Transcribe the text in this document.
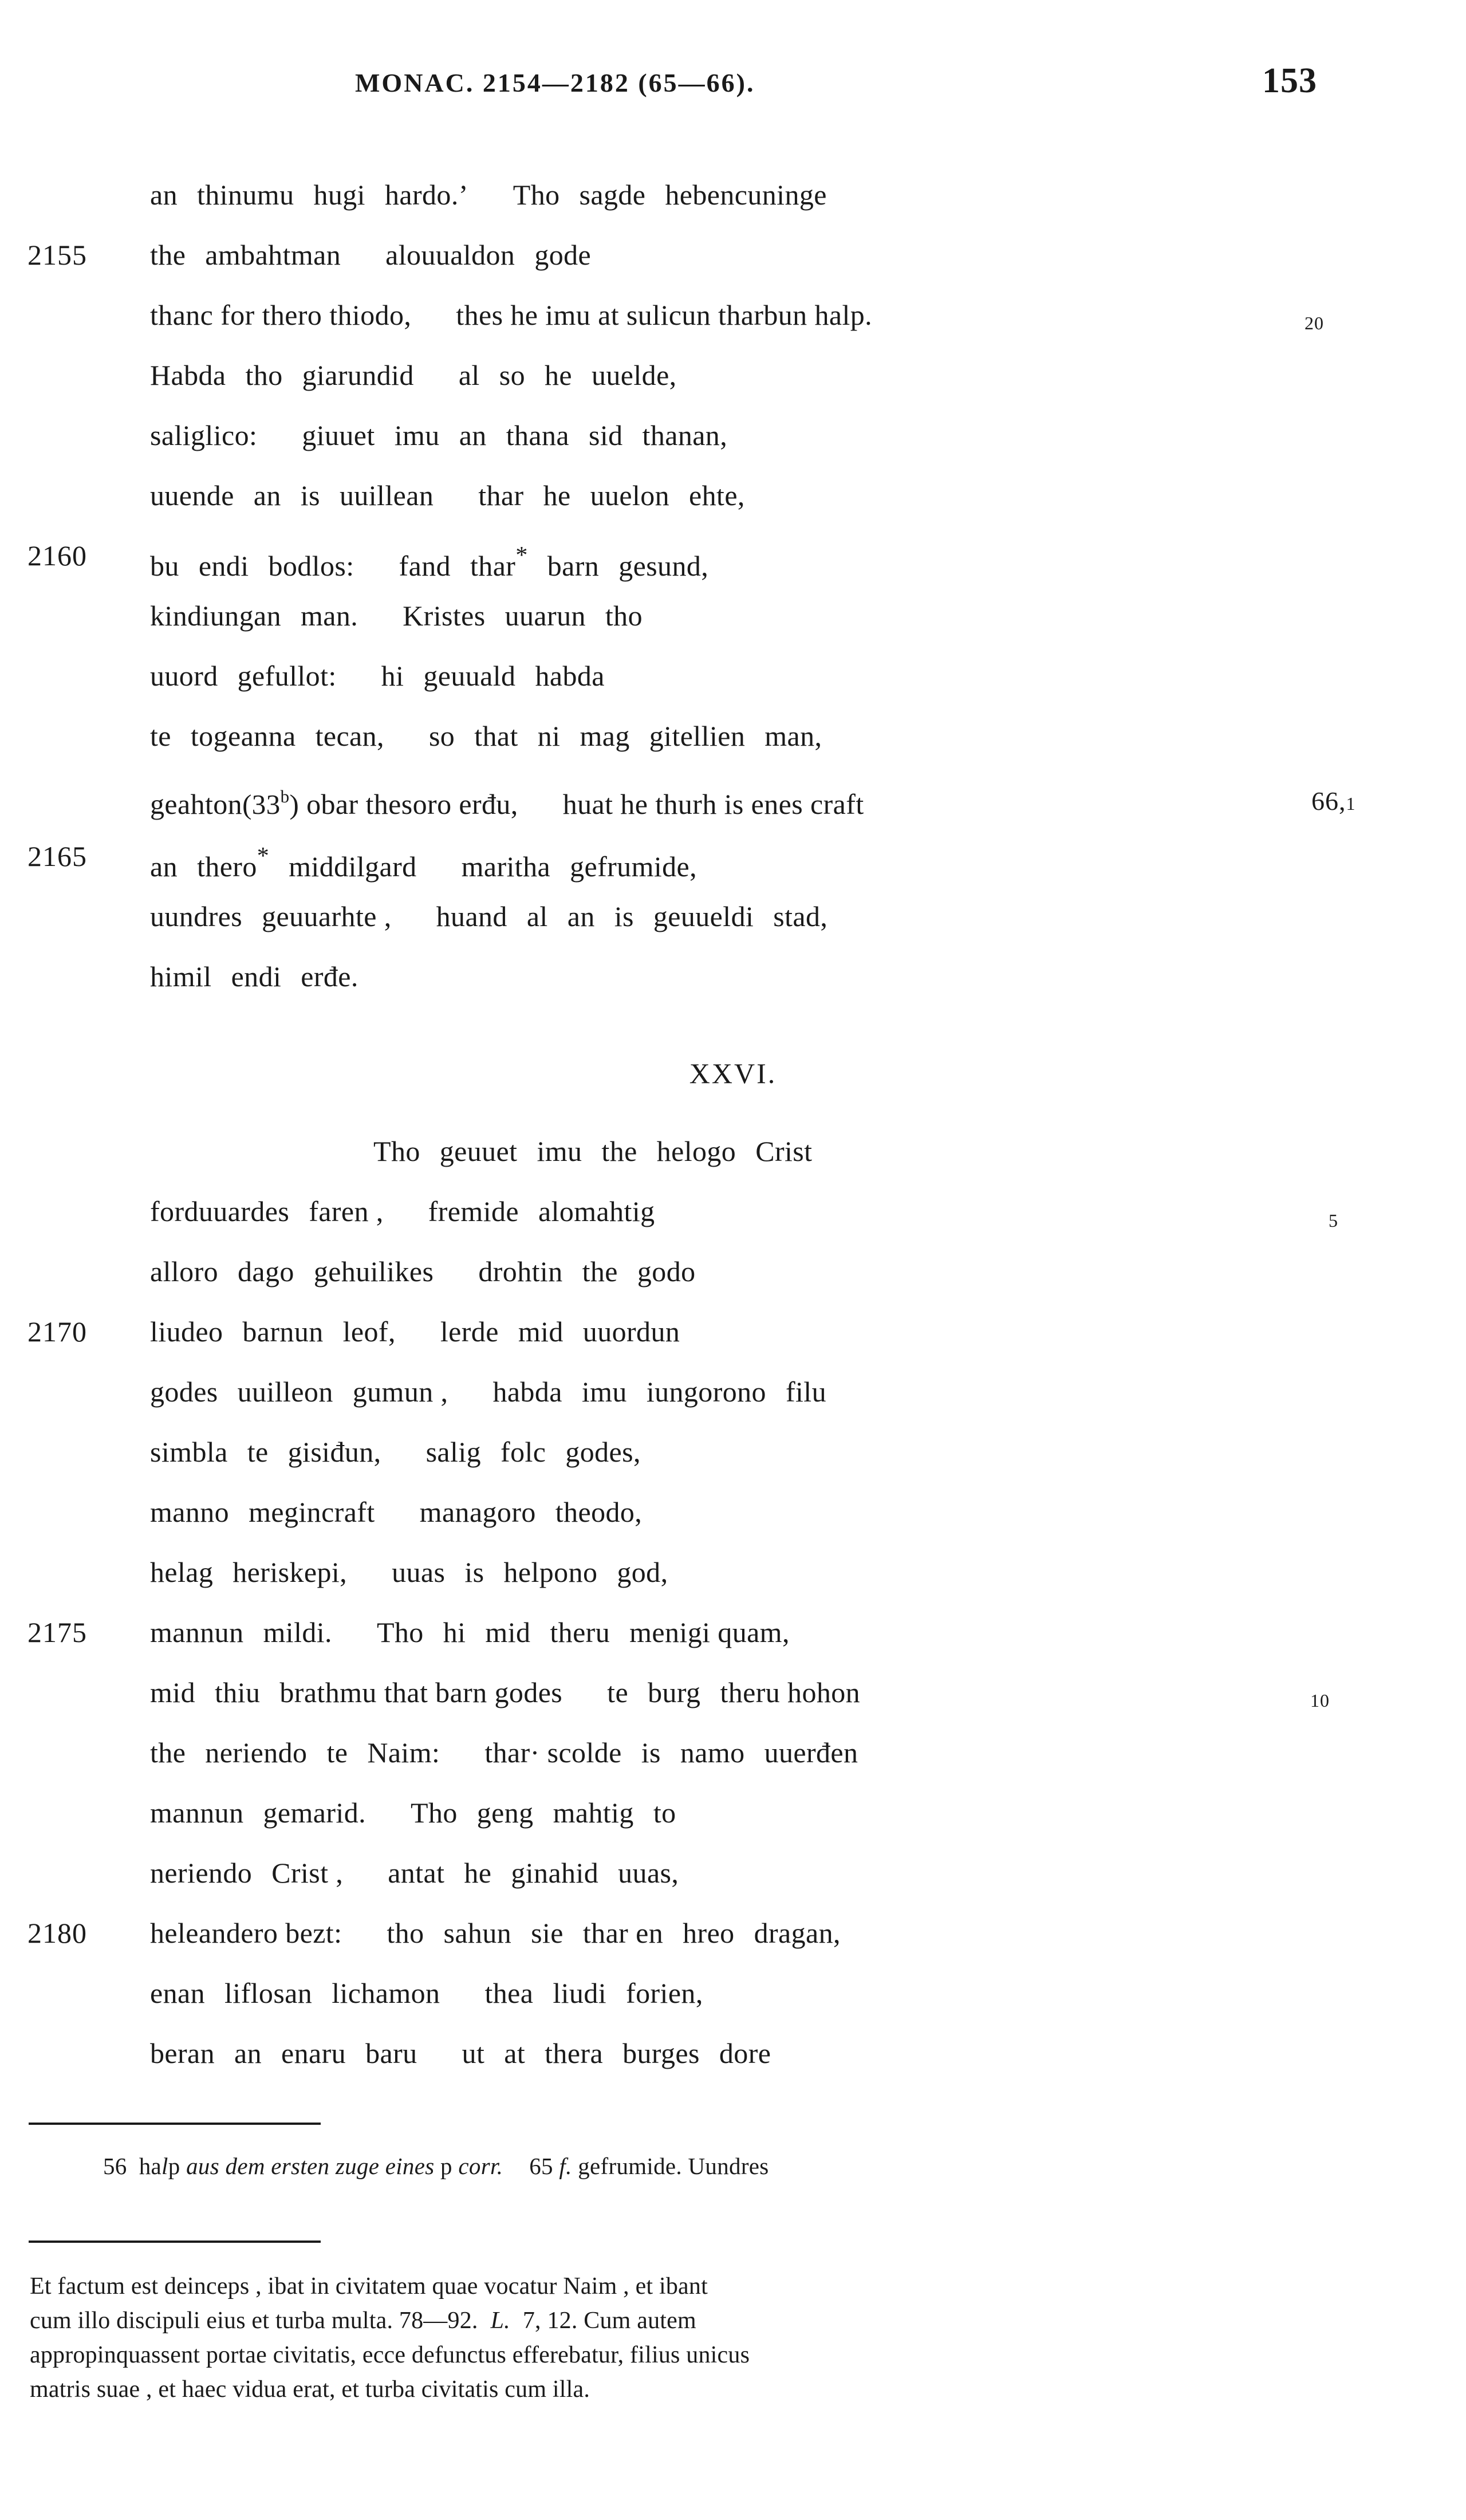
MONAC. 2154—2182 (65—66).	153
an thinumu hugi hardo.’ Tho sagde hebencuninge
2155	the ambahtman alouualdon gode
thanc for thero thiodo, thes he imu at sulicun tharbun halp.	20
Habda tho giarundid al so he uuelde,
saliglico: giuuet imu an thana sid thanan,
uuende an is uuillean thar he uuelon ehte,
2160	bu endi bodlos: fand thar* barn gesund,
kindiungan man. Kristes uuarun tho
uuord gefullot: hi geuuald habda
te togeanna tecan, so that ni mag gitellien man,
geahton(33$^b$) obar thesoro erđu, huat he thurh is enes craft	66,1
2165	an thero* middilgard maritha gefrumide,
uundres geuuarhte , huand al an is geuueldi stad,
himil endi erđe.
XXVI.
Tho geuuet imu the helogo Crist
forduuardes faren , fremide alomahtig	5
alloro dago gehuilikes drohtin the godo
2170	liudeo barnun leof, lerde mid uuordun
godes uuilleon gumun , habda imu iungorono filu
simbla te gisiđun, salig folc godes,
manno megincraft managoro theodo,
helag heriskepi, uuas is helpono god,
2175	mannun mildi. Tho hi mid theru menigi quam,
mid thiu brathmu that barn godes te burg theru hohon	10
the neriendo te Naim: thar· scolde is namo uuerđen
mannun gemarid. Tho geng mahtig to
neriendo Crist , antat he ginahid uuas,
2180	heleandero bezt: tho sahun sie thar en hreo dragan,
enan liflosan lichamon thea liudi forien,
beran an enaru baru ut at thera burges dore
56 halp aus dem ersten zuge eines p corr. 65 f. gefrumide. Uundres
Et factum est deinceps , ibat in civitatem quae vocatur Naim , et ibant
cum illo discipuli eius et turba multa. 78—92. L. 7, 12. Cum autem
appropinquassent portae civitatis, ecce defunctus efferebatur, filius unicus
matris suae , et haec vidua erat, et turba civitatis cum illa.
